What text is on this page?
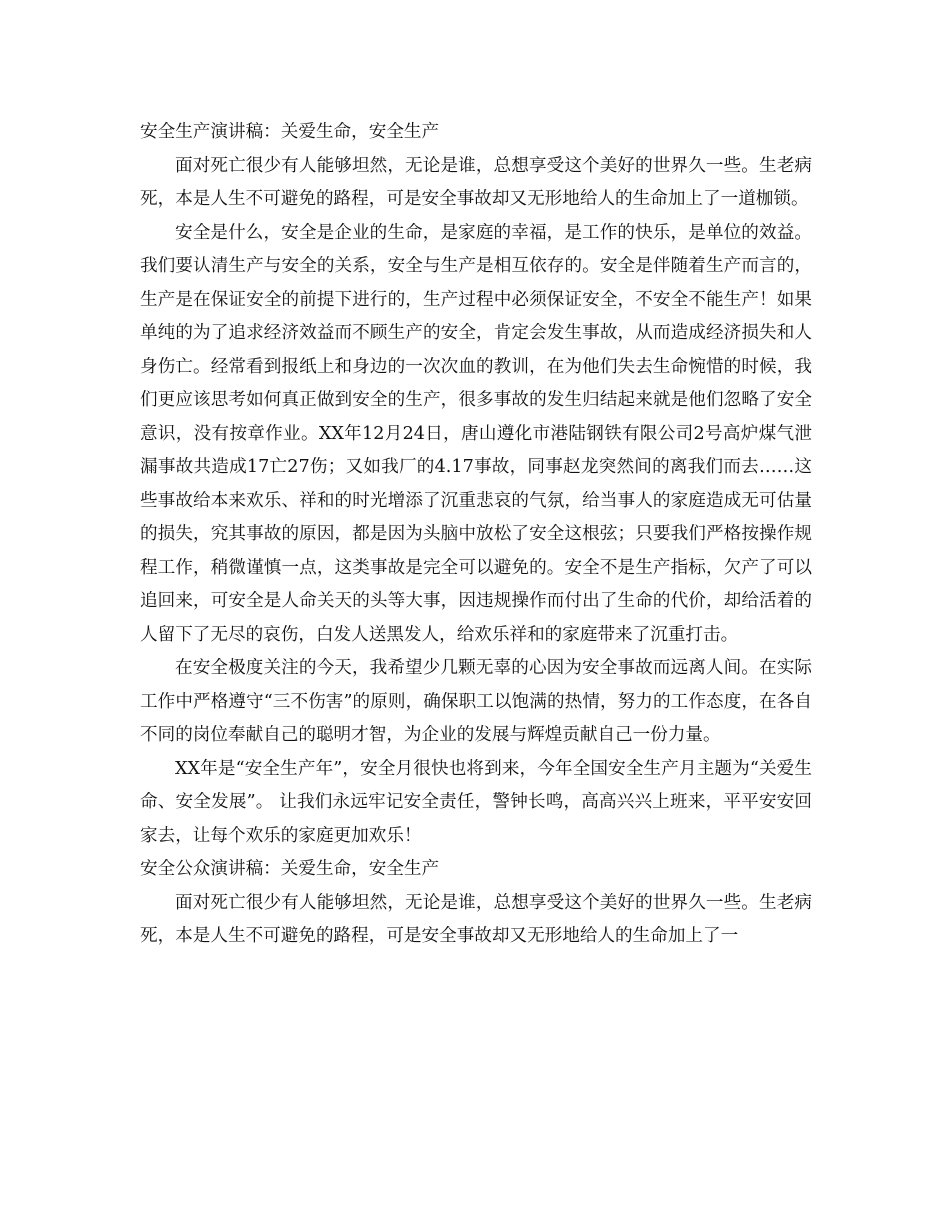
安全生产演讲稿：关爱生命，安全生产

面对死亡很少有人能够坦然，无论是谁，总想享受这个美好的世界久一些。生老病死，本是人生不可避免的路程，可是安全事故却又无形地给人的生命加上了一道枷锁。

安全是什么，安全是企业的生命，是家庭的幸福，是工作的快乐，是单位的效益。我们要认清生产与安全的关系，安全与生产是相互依存的。安全是伴随着生产而言的，生产是在保证安全的前提下进行的，生产过程中必须保证安全，不安全不能生产！如果单纯的为了追求经济效益而不顾生产的安全，肯定会发生事故，从而造成经济损失和人身伤亡。经常看到报纸上和身边的一次次血的教训，在为他们失去生命惋惜的时候，我们更应该思考如何真正做到安全的生产，很多事故的发生归结起来就是他们忽略了安全意识，没有按章作业。XX年12月24日，唐山遵化市港陆钢铁有限公司2号高炉煤气泄漏事故共造成17亡27伤；又如我厂的4.17事故，同事赵龙突然间的离我们而去……这些事故给本来欢乐、祥和的时光增添了沉重悲哀的气氛，给当事人的家庭造成无可估量的损失，究其事故的原因，都是因为头脑中放松了安全这根弦；只要我们严格按操作规程工作，稍微谨慎一点，这类事故是完全可以避免的。安全不是生产指标，欠产了可以追回来，可安全是人命关天的头等大事，因违规操作而付出了生命的代价，却给活着的人留下了无尽的哀伤，白发人送黑发人，给欢乐祥和的家庭带来了沉重打击。

在安全极度关注的今天，我希望少几颗无辜的心因为安全事故而远离人间。在实际工作中严格遵守“三不伤害”的原则，确保职工以饱满的热情，努力的工作态度，在各自不同的岗位奉献自己的聪明才智，为企业的发展与辉煌贡献自己一份力量。

XX年是“安全生产年”，安全月很快也将到来，今年全国安全生产月主题为“关爱生命、安全发展”。 让我们永远牢记安全责任，警钟长鸣，高高兴兴上班来，平平安安回家去，让每个欢乐的家庭更加欢乐！

安全公众演讲稿：关爱生命，安全生产

面对死亡很少有人能够坦然，无论是谁，总想享受这个美好的世界久一些。生老病死，本是人生不可避免的路程，可是安全事故却又无形地给人的生命加上了一
